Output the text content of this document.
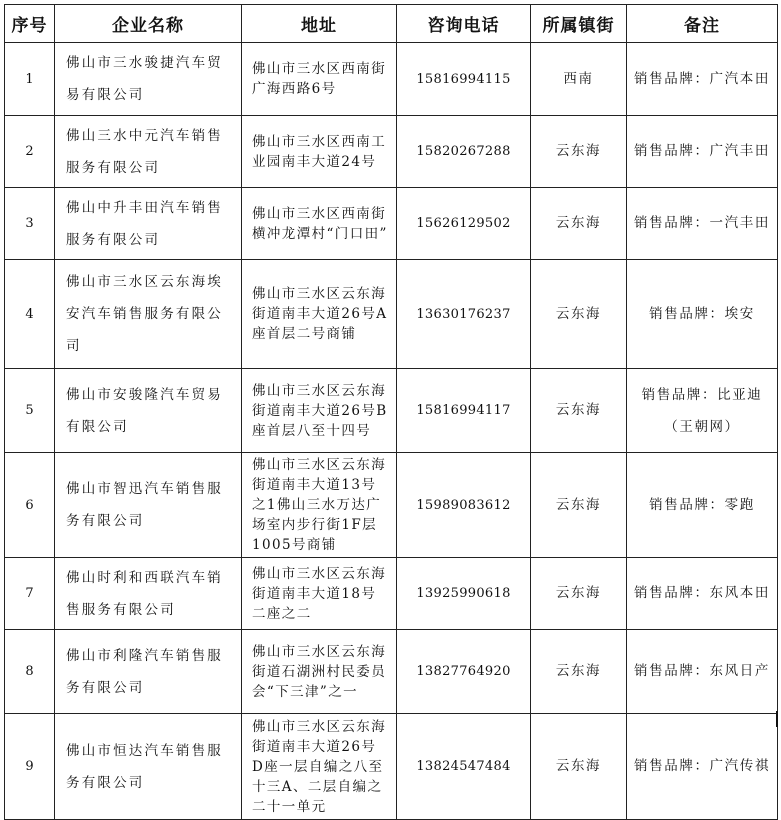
序号	企业名称	地址	咨询电话	所属镇街	备注
1	佛山市三水骏捷汽车贸易有限公司	佛山市三水区西南街广海西路6号	15816994115	西南	销售品牌：广汽本田
2	佛山三水中元汽车销售服务有限公司	佛山市三水区西南工业园南丰大道24号	15820267288	云东海	销售品牌：广汽丰田
3	佛山中升丰田汽车销售服务有限公司	佛山市三水区西南街横冲龙潭村“门口田”	15626129502	云东海	销售品牌：一汽丰田
4	佛山市三水区云东海埃安汽车销售服务有限公司	佛山市三水区云东海街道南丰大道26号A座首层二号商铺	13630176237	云东海	销售品牌：埃安
5	佛山市安骏隆汽车贸易有限公司	佛山市三水区云东海街道南丰大道26号B座首层八至十四号	15816994117	云东海	销售品牌：比亚迪（王朝网）
6	佛山市智迅汽车销售服务有限公司	佛山市三水区云东海街道南丰大道13号之1佛山三水万达广场室内步行街1F层1005号商铺	15989083612	云东海	销售品牌：零跑
7	佛山时利和西联汽车销售服务有限公司	佛山市三水区云东海街道南丰大道18号二座之二	13925990618	云东海	销售品牌：东风本田
8	佛山市利隆汽车销售服务有限公司	佛山市三水区云东海街道石湖洲村民委员会“下三津”之一	13827764920	云东海	销售品牌：东风日产
9	佛山市恒达汽车销售服务有限公司	佛山市三水区云东海街道南丰大道26号D座一层自编之八至十三A、二层自编之二十一单元	13824547484	云东海	销售品牌：广汽传祺
